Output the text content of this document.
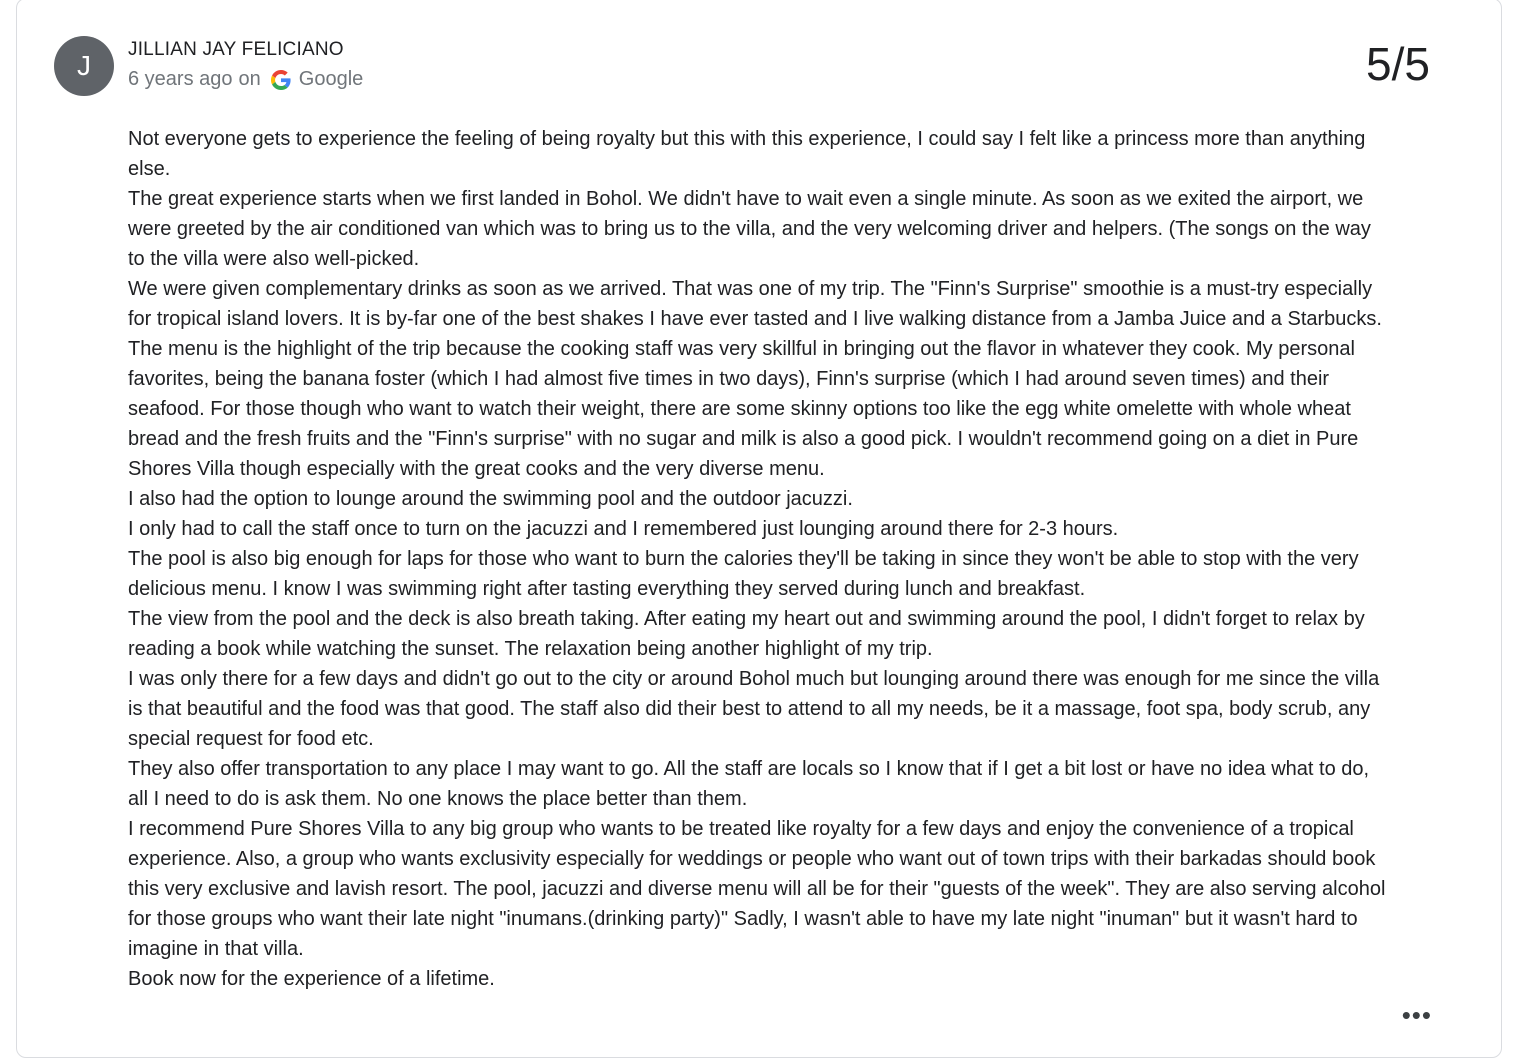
J
JILLIAN JAY FELICIANO
6 years ago on Google	5/5

Not everyone gets to experience the feeling of being royalty but this with this experience, I could say I felt like a princess more than anything else.

The great experience starts when we first landed in Bohol. We didn't have to wait even a single minute. As soon as we exited the airport, we were greeted by the air conditioned van which was to bring us to the villa, and the very welcoming driver and helpers. (The songs on the way to the villa were also well-picked.

We were given complementary drinks as soon as we arrived. That was one of my trip. The "Finn's Surprise" smoothie is a must-try especially for tropical island lovers. It is by-far one of the best shakes I have ever tasted and I live walking distance from a Jamba Juice and a Starbucks.

The menu is the highlight of the trip because the cooking staff was very skillful in bringing out the flavor in whatever they cook. My personal favorites, being the banana foster (which I had almost five times in two days), Finn's surprise (which I had around seven times) and their seafood. For those though who want to watch their weight, there are some skinny options too like the egg white omelette with whole wheat bread and the fresh fruits and the "Finn's surprise" with no sugar and milk is also a good pick. I wouldn't recommend going on a diet in Pure Shores Villa though especially with the great cooks and the very diverse menu.

I also had the option to lounge around the swimming pool and the outdoor jacuzzi.

I only had to call the staff once to turn on the jacuzzi and I remembered just lounging around there for 2-3 hours.

The pool is also big enough for laps for those who want to burn the calories they'll be taking in since they won't be able to stop with the very delicious menu. I know I was swimming right after tasting everything they served during lunch and breakfast.

The view from the pool and the deck is also breath taking. After eating my heart out and swimming around the pool, I didn't forget to relax by reading a book while watching the sunset. The relaxation being another highlight of my trip.

I was only there for a few days and didn't go out to the city or around Bohol much but lounging around there was enough for me since the villa is that beautiful and the food was that good. The staff also did their best to attend to all my needs, be it a massage, foot spa, body scrub, any special request for food etc.

They also offer transportation to any place I may want to go. All the staff are locals so I know that if I get a bit lost or have no idea what to do, all I need to do is ask them. No one knows the place better than them.

I recommend Pure Shores Villa to any big group who wants to be treated like royalty for a few days and enjoy the convenience of a tropical experience. Also, a group who wants exclusivity especially for weddings or people who want out of town trips with their barkadas should book this very exclusive and lavish resort. The pool, jacuzzi and diverse menu will all be for their "guests of the week". They are also serving alcohol for those groups who want their late night "inumans.(drinking party)" Sadly, I wasn't able to have my late night "inuman" but it wasn't hard to imagine in that villa.

Book now for the experience of a lifetime.

•••
